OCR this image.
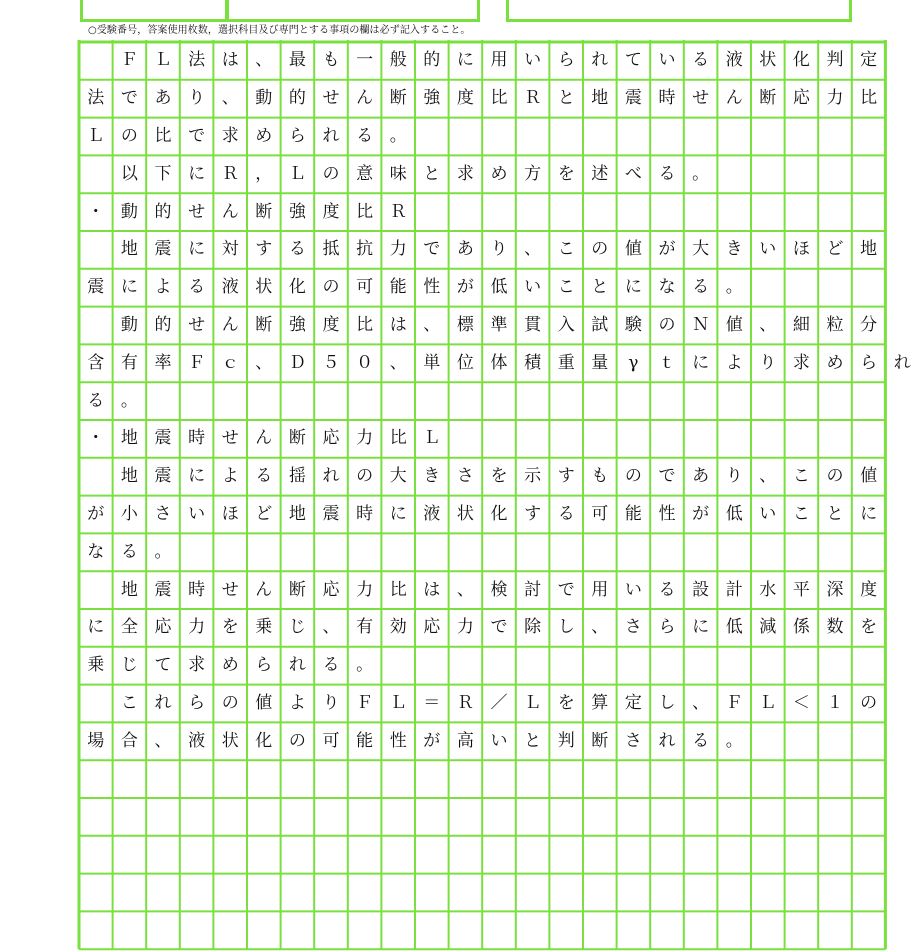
○受験番号，答案使用枚数，選択科目及び専門とする事項の欄は必ず記入すること。
Ｆ Ｌ 法 は 、 最 も 一 般 的 に 用 い ら れ て い る 液 状 化 判 定
法 で あ り 、 動 的 せ ん 断 強 度 比 Ｒ と 地 震 時 せ ん 断 応 力 比
Ｌ の 比 で 求 め ら れ る 。
以 下 に Ｒ ， Ｌ の 意 味 と 求 め 方 を 述 べ る 。
・ 動 的 せ ん 断 強 度 比 Ｒ
地 震 に 対 す る 抵 抗 力 で あ り 、 こ の 値 が 大 き い ほ ど 地
震 に よ る 液 状 化 の 可 能 性 が 低 い こ と に な る 。
動 的 せ ん 断 強 度 比 は 、 標 準 貫 入 試 験 の Ｎ 値 、 細 粒 分
含 有 率 Ｆ ｃ 、 Ｄ ５ ０ 、 単 位 体 積 重 量	γ	ｔ に よ り 求 め ら れ
る 。
・ 地 震 時 せ ん 断 応 力 比 Ｌ
地 震 に よ る 揺 れ の 大 き さ を 示 す も の で あ り 、 こ の 値
が 小 さ い ほ ど 地 震 時 に 液 状 化 す る 可 能 性 が 低 い こ と に
な る 。
地 震 時 せ ん 断 応 力 比 は 、 検 討 で 用 い る 設 計 水 平 深 度
に 全 応 力 を 乗 じ 、 有 効 応 力 で 除 し 、 さ ら に 低 減 係 数 を
乗 じ て 求 め ら れ る 。
こ れ ら の 値 よ り Ｆ Ｌ ＝ Ｒ ／ Ｌ を 算 定 し 、 Ｆ Ｌ ＜ １ の
場 合 、 液 状 化 の 可 能 性 が 高 い と 判 断 さ れ る 。
